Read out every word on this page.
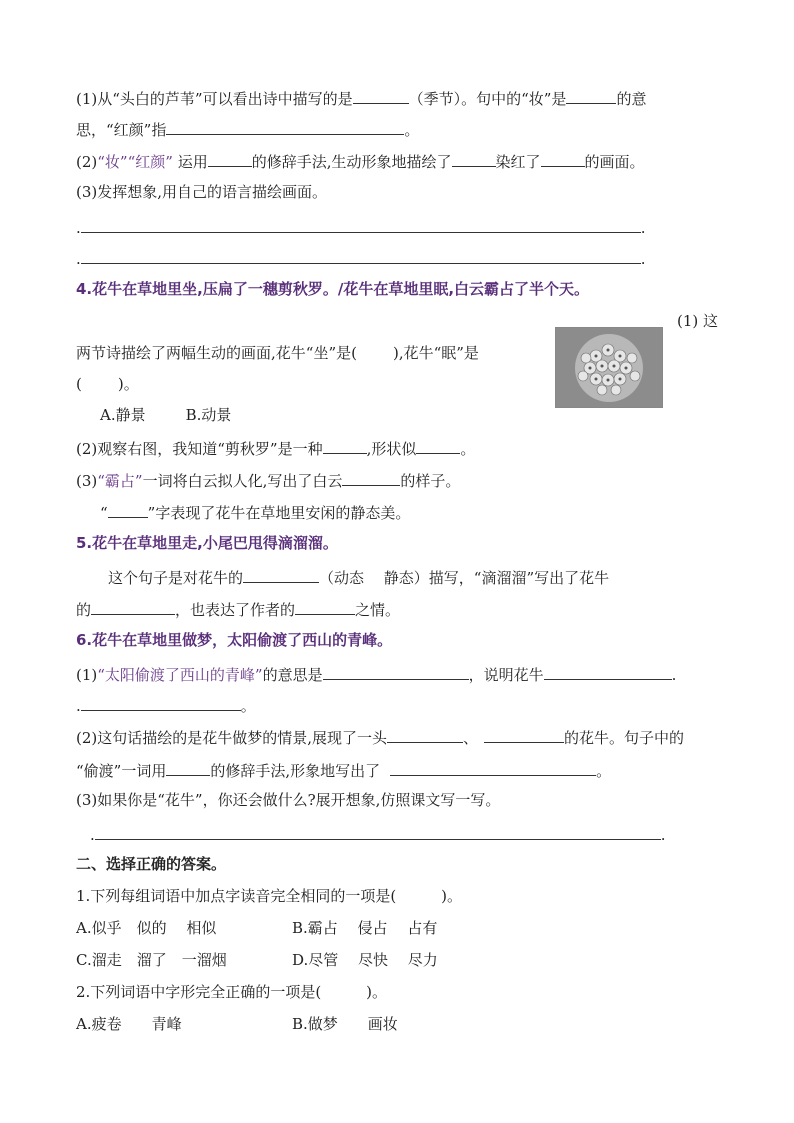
(1)从“头白的芦苇”可以看出诗中描写的是	（季节）。句中的“妆”是	的意
思，“红颜”指	。
(2)“妆”“红颜” 运用	的修辞手法,生动形象地描绘了	染红了	的画面。
(3)发挥想象,用自己的语言描绘画面。
.	.
.	.
4.花牛在草地里坐,压扁了一穗剪秋罗。/花牛在草地里眠,白云霸占了半个天。
(1) 这
两节诗描绘了两幅生动的画面,花牛“坐”是( ),花牛“眠”是
( )。
A.静景	B.动景
(2)观察右图，我知道“剪秋罗”是一种	,形状似	。
(3)“霸占”一词将白云拟人化,写出了白云	的样子。
“	”字表现了花牛在草地里安闲的静态美。
5.花牛在草地里走,小尾巴甩得滴溜溜。
这个句子是对花牛的	（动态　 静态）描写，“滴溜溜”写出了花牛
的	，也表达了作者的	之情。
6.花牛在草地里做梦，太阳偷渡了西山的青峰。
(1)“太阳偷渡了西山的青峰”的意思是	，说明花牛	.
.	。
(2)这句话描绘的是花牛做梦的情景,展现了一头	、	的花牛。句子中的
“偷渡”一词用	的修辞手法,形象地写出了	。
(3)如果你是“花牛”，你还会做什么?展开想象,仿照课文写一写。
.	.
二、选择正确的答案。
1.下列每组词语中加点字读音完全相同的一项是(　　　)。
A.似乎　似的　 相似	B.霸占　 侵占　 占有
C.溜走　溜了　一溜烟	D.尽管　 尽快　 尽力
2.下列词语中字形完全正确的一项是(　　　)。
A.疲卷　　青峰	B.做梦　　画妆
